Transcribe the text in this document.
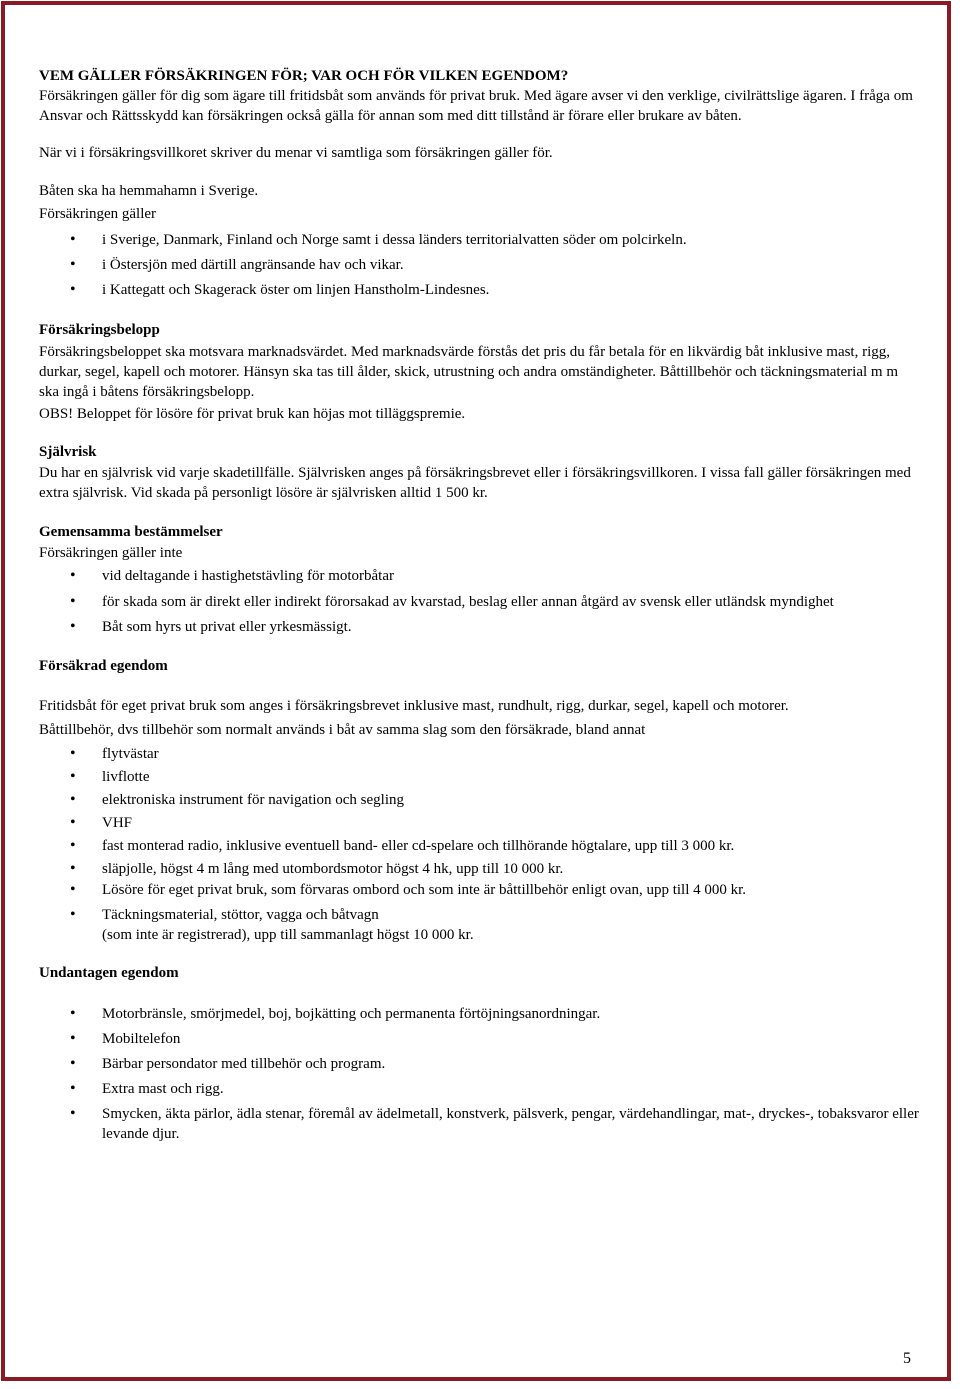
VEM GÄLLER FÖRSÄKRINGEN FÖR; VAR OCH FÖR VILKEN EGENDOM?

Försäkringen gäller för dig som ägare till fritidsbåt som används för privat bruk. Med ägare avser vi den verklige, civilrättslige ägaren. I fråga om Ansvar och Rättsskydd kan försäkringen också gälla för annan som med ditt tillstånd är förare eller brukare av båten.

När vi i försäkringsvillkoret skriver du menar vi samtliga som försäkringen gäller för.

Båten ska ha hemmahamn i Sverige.

Försäkringen gäller

• i Sverige, Danmark, Finland och Norge samt i dessa länders territorialvatten söder om polcirkeln.
• i Östersjön med därtill angränsande hav och vikar.
• i Kattegatt och Skagerack öster om linjen Hanstholm-Lindesnes.

Försäkringsbelopp

Försäkringsbeloppet ska motsvara marknadsvärdet. Med marknadsvärde förstås det pris du får betala för en likvärdig båt inklusive mast, rigg, durkar, segel, kapell och motorer. Hänsyn ska tas till ålder, skick, utrustning och andra omständigheter. Båttillbehör och täckningsmaterial m m ska ingå i båtens försäkringsbelopp.

OBS! Beloppet för lösöre för privat bruk kan höjas mot tilläggspremie.

Självrisk

Du har en självrisk vid varje skadetillfälle. Självrisken anges på försäkringsbrevet eller i försäkringsvillkoren. I vissa fall gäller försäkringen med extra självrisk. Vid skada på personligt lösöre är självrisken alltid 1 500 kr.

Gemensamma bestämmelser

Försäkringen gäller inte

• vid deltagande i hastighetstävling för motorbåtar
• för skada som är direkt eller indirekt förorsakad av kvarstad, beslag eller annan åtgärd av svensk eller utländsk myndighet
• Båt som hyrs ut privat eller yrkesmässigt.

Försäkrad egendom

Fritidsbåt för eget privat bruk som anges i försäkringsbrevet inklusive mast, rundhult, rigg, durkar, segel, kapell och motorer.

Båttillbehör, dvs tillbehör som normalt används i båt av samma slag som den försäkrade, bland annat

• flytvästar
• livflotte
• elektroniska instrument för navigation och segling
• VHF
• fast monterad radio, inklusive eventuell band- eller cd-spelare och tillhörande högtalare, upp till 3 000 kr.
• släpjolle, högst 4 m lång med utombordsmotor högst 4 hk, upp till 10 000 kr.
• Lösöre för eget privat bruk, som förvaras ombord och som inte är båttillbehör enligt ovan, upp till 4 000 kr.
• Täckningsmaterial, stöttor, vagga och båtvagn
(som inte är registrerad), upp till sammanlagt högst 10 000 kr.

Undantagen egendom

• Motorbränsle, smörjmedel, boj, bojkätting och permanenta förtöjningsanordningar.
• Mobiltelefon
• Bärbar persondator med tillbehör och program.
• Extra mast och rigg.
• Smycken, äkta pärlor, ädla stenar, föremål av ädelmetall, konstverk, pälsverk, pengar, värdehandlingar, mat-, dryckes-, tobaksvaror eller levande djur.
5
